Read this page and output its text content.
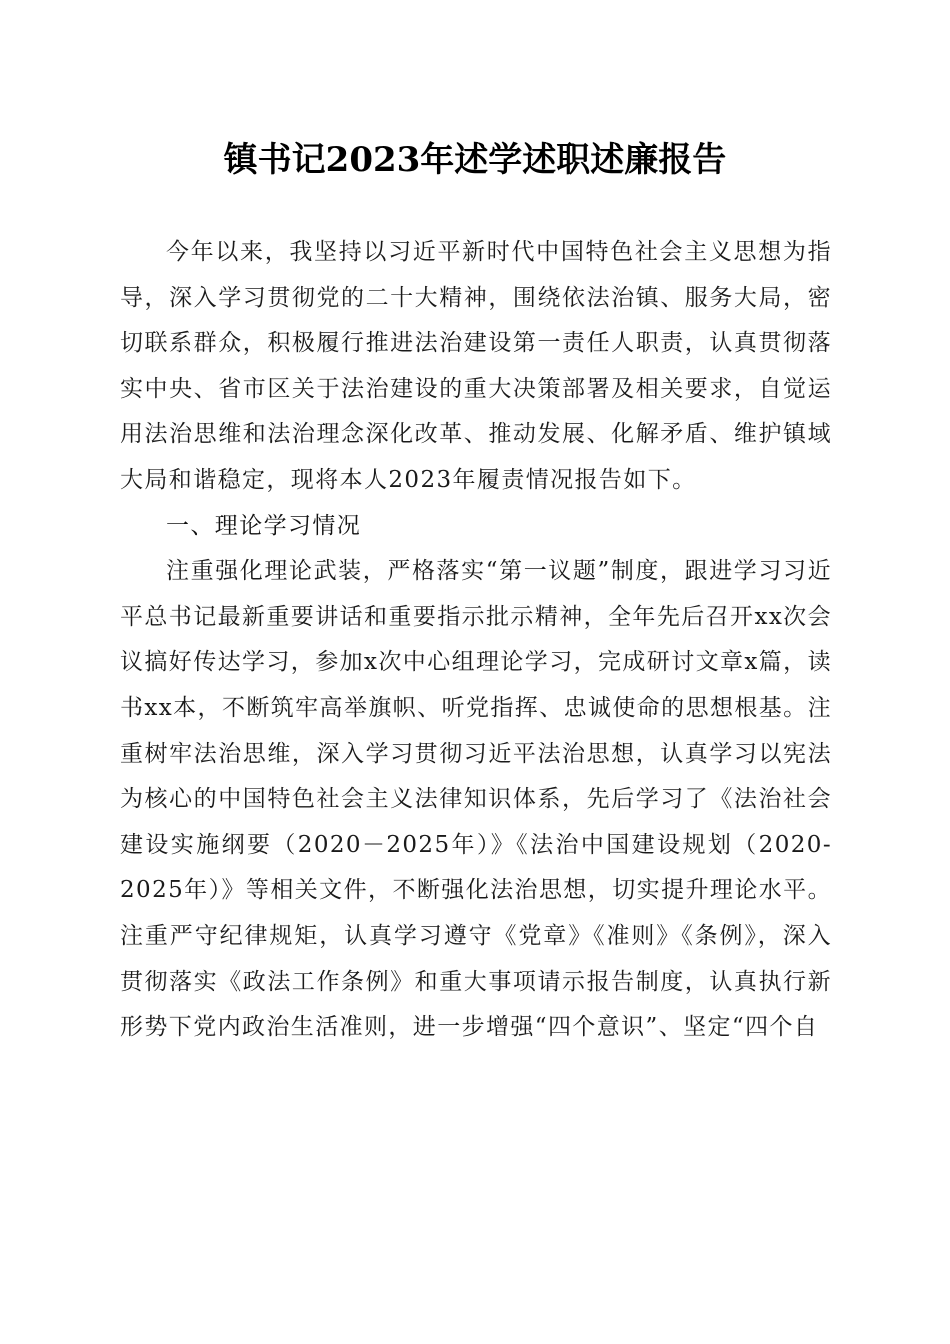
镇书记2023年述学述职述廉报告

今年以来，我坚持以习近平新时代中国特色社会主义思想为指导，深入学习贯彻党的二十大精神，围绕依法治镇、服务大局，密切联系群众，积极履行推进法治建设第一责任人职责，认真贯彻落实中央、省市区关于法治建设的重大决策部署及相关要求，自觉运用法治思维和法治理念深化改革、推动发展、化解矛盾、维护镇域大局和谐稳定，现将本人2023年履责情况报告如下。

一、理论学习情况

注重强化理论武装，严格落实“第一议题”制度，跟进学习习近平总书记最新重要讲话和重要指示批示精神，全年先后召开xx次会议搞好传达学习，参加x次中心组理论学习，完成研讨文章x篇，读书xx本，不断筑牢高举旗帜、听党指挥、忠诚使命的思想根基。注重树牢法治思维，深入学习贯彻习近平法治思想，认真学习以宪法为核心的中国特色社会主义法律知识体系，先后学习了《法治社会建设实施纲要（2020－2025年）》《法治中国建设规划（2020-2025年）》等相关文件，不断强化法治思想，切实提升理论水平。注重严守纪律规矩，认真学习遵守《党章》《准则》《条例》，深入贯彻落实《政法工作条例》和重大事项请示报告制度，认真执行新形势下党内政治生活准则，进一步增强“四个意识”、坚定“四个自
